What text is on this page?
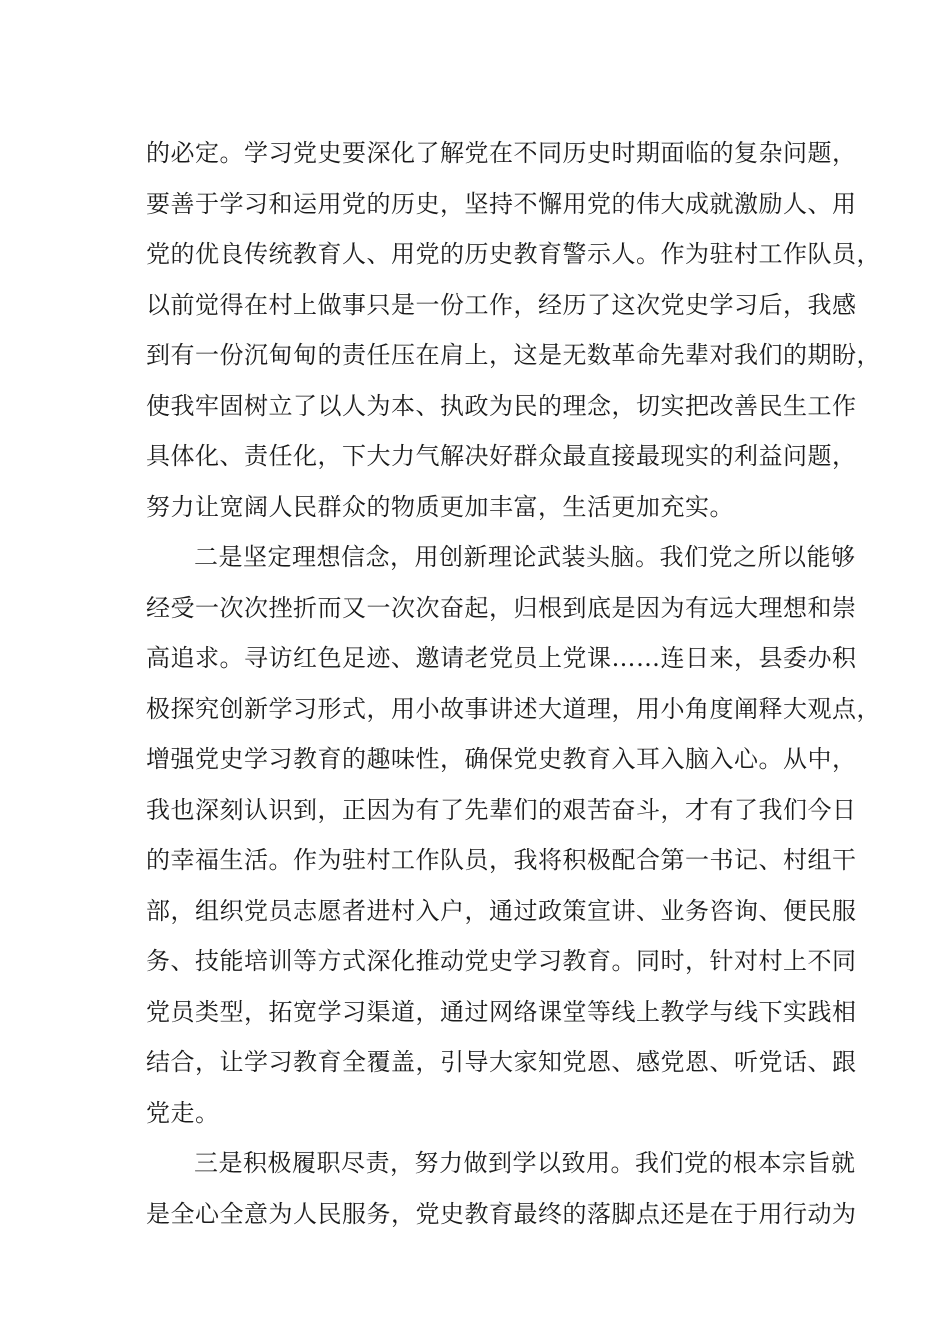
的必定。学习党史要深化了解党在不同历史时期面临的复杂问题，
要善于学习和运用党的历史，坚持不懈用党的伟大成就激励人、用
党的优良传统教育人、用党的历史教育警示人。作为驻村工作队员，
以前觉得在村上做事只是一份工作，经历了这次党史学习后，我感
到有一份沉甸甸的责任压在肩上，这是无数革命先辈对我们的期盼，
使我牢固树立了以人为本、执政为民的理念，切实把改善民生工作
具体化、责任化，下大力气解决好群众最直接最现实的利益问题，
努力让宽阔人民群众的物质更加丰富，生活更加充实。
二是坚定理想信念，用创新理论武装头脑。我们党之所以能够
经受一次次挫折而又一次次奋起，归根到底是因为有远大理想和崇
高追求。寻访红色足迹、邀请老党员上党课……连日来，县委办积
极探究创新学习形式，用小故事讲述大道理，用小角度阐释大观点，
增强党史学习教育的趣味性，确保党史教育入耳入脑入心。从中，
我也深刻认识到，正因为有了先辈们的艰苦奋斗，才有了我们今日
的幸福生活。作为驻村工作队员，我将积极配合第一书记、村组干
部，组织党员志愿者进村入户，通过政策宣讲、业务咨询、便民服
务、技能培训等方式深化推动党史学习教育。同时，针对村上不同
党员类型，拓宽学习渠道，通过网络课堂等线上教学与线下实践相
结合，让学习教育全覆盖，引导大家知党恩、感党恩、听党话、跟
党走。
三是积极履职尽责，努力做到学以致用。我们党的根本宗旨就
是全心全意为人民服务，党史教育最终的落脚点还是在于用行动为
